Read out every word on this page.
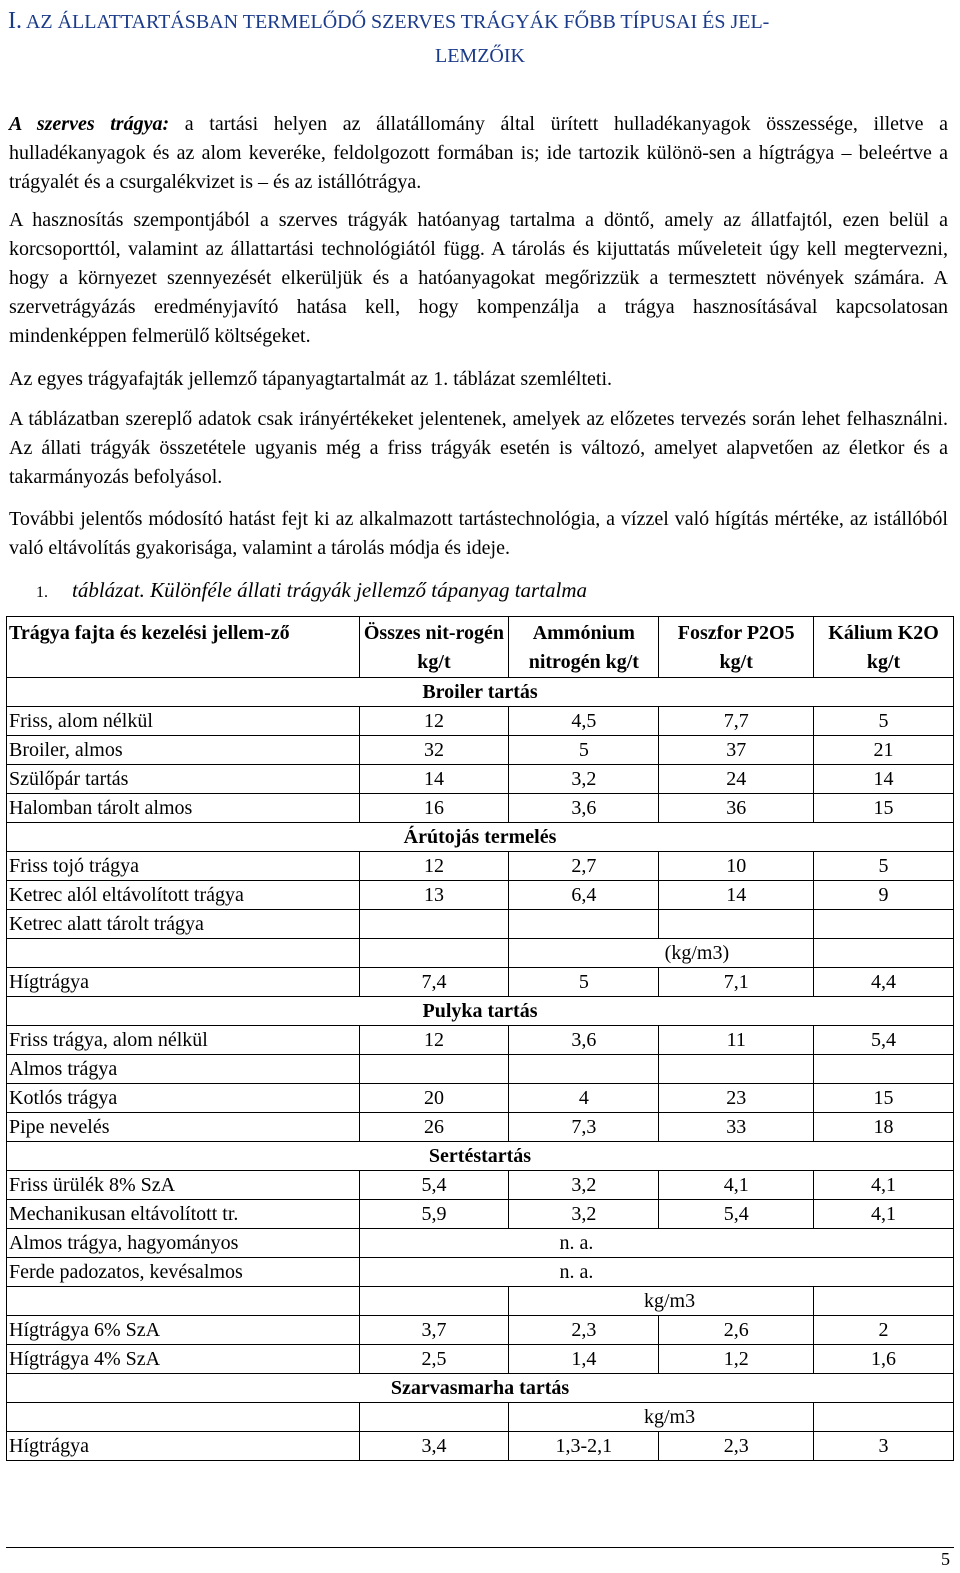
I. AZ ÁLLATTARTÁSBAN TERMELŐDŐ SZERVES TRÁGYÁK FŐBB TÍPUSAI ÉS JEL-
LEMZŐIK

A szerves trágya: a tartási helyen az állatállomány által ürített hulladékanyagok összessége, illetve a hulladékanyagok és az alom keveréke, feldolgozott formában is; ide tartozik különö-sen a hígtrágya – beleértve a trágyalét és a csurgalékvizet is – és az istállótrágya.

A hasznosítás szempontjából a szerves trágyák hatóanyag tartalma a döntő, amely az állatfajtól, ezen belül a korcsoporttól, valamint az állattartási technológiától függ. A tárolás és kijuttatás műveleteit úgy kell megtervezni, hogy a környezet szennyezését elkerüljük és a hatóanyagokat megőrizzük a termesztett növények számára. A szervetrágyázás eredményjavító hatása kell, hogy kompenzálja a trágya hasznosításával kapcsolatosan mindenképpen felmerülő költségeket.

Az egyes trágyafajták jellemző tápanyagtartalmát az 1. táblázat szemlélteti.

A táblázatban szereplő adatok csak irányértékeket jelentenek, amelyek az előzetes tervezés során lehet felhasználni. Az állati trágyák összetétele ugyanis még a friss trágyák esetén is változó, amelyet alapvetően az életkor és a takarmányozás befolyásol.

További jelentős módosító hatást fejt ki az alkalmazott tartástechnológia, a vízzel való hígítás mértéke, az istállóból való eltávolítás gyakorisága, valamint a tárolás módja és ideje.

1. táblázat. Különféle állati trágyák jellemző tápanyag tartalma
Trágya fajta és kezelési jellem-ző	Összes nit-rogén kg/t	Ammónium nitrogén kg/t	Foszfor P2O5 kg/t	Kálium K2O kg/t
Broiler tartás				
Friss, alom nélkül	12	4,5	7,7	5
Broiler, almos	32	5	37	21
Szülőpár tartás	14	3,2	24	14
Halomban tárolt almos	16	3,6	36	15
Árútojás termelés				
Friss tojó trágya	12	2,7	10	5
Ketrec alól eltávolított trágya	13	6,4	14	9
Ketrec alatt tárolt trágya				
		(kg/m3)		
Hígtrágya	7,4	5	7,1	4,4
Pulyka tartás				
Friss trágya, alom nélkül	12	3,6	11	5,4
Almos trágya				
Kotlós trágya	20	4	23	15
Pipe nevelés	26	7,3	33	18
Sertéstartás				
Friss ürülék 8% SzA	5,4	3,2	4,1	4,1
Mechanikusan eltávolított tr.	5,9	3,2	5,4	4,1
Almos trágya, hagyományos	n. a.			
Ferde padozatos, kevésalmos	n. a.			
		kg/m3		
Hígtrágya 6% SzA	3,7	2,3	2,6	2
Hígtrágya 4% SzA	2,5	1,4	1,2	1,6
Szarvasmarha tartás				
		kg/m3		
Hígtrágya	3,4	1,3-2,1	2,3	3
5
